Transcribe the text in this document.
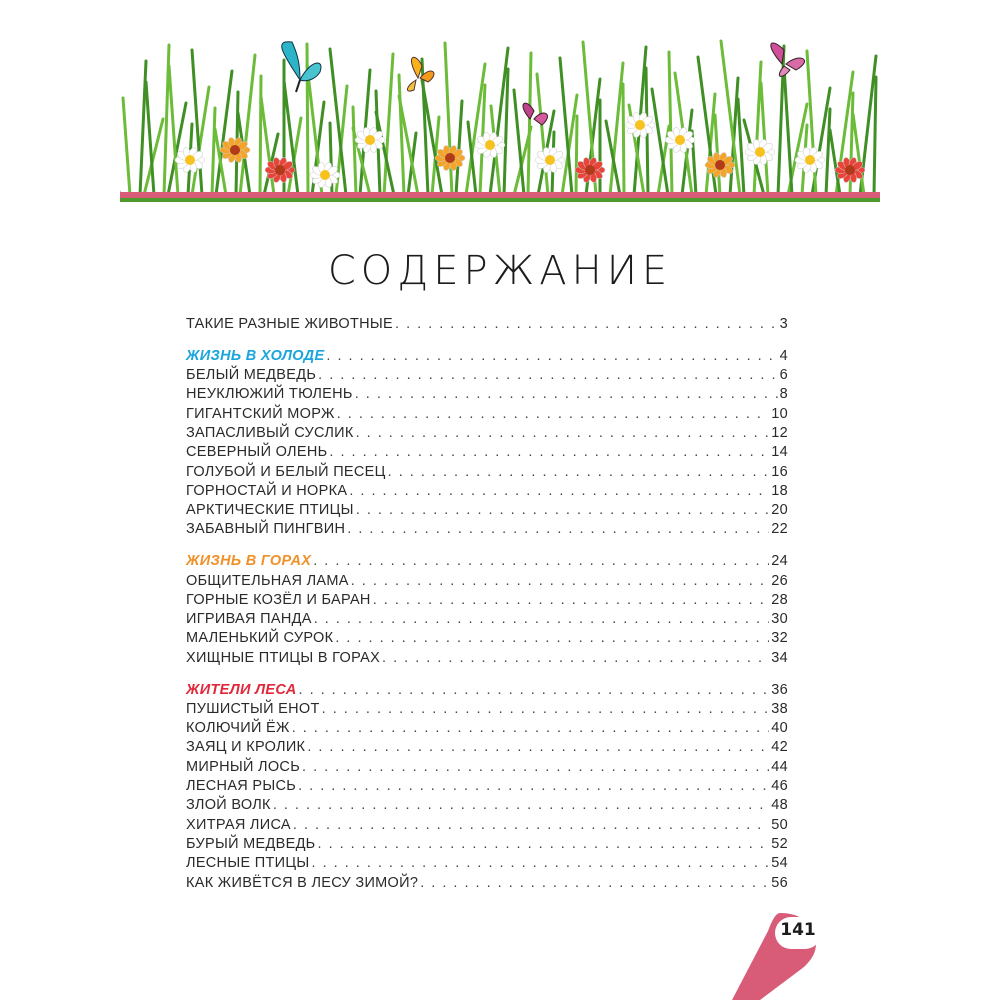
СОДЕРЖАНИЕ
ТАКИЕ РАЗНЫЕ ЖИВОТНЫЕ . . .	3
ЖИЗНЬ В ХОЛОДЕ . . .	4
БЕЛЫЙ МЕДВЕДЬ . . .	6
НЕУКЛЮЖИЙ ТЮЛЕНЬ . . .	8
ГИГАНТСКИЙ МОРЖ . . .	10
ЗАПАСЛИВЫЙ СУСЛИК . . .	12
СЕВЕРНЫЙ ОЛЕНЬ . . .	14
ГОЛУБОЙ И БЕЛЫЙ ПЕСЕЦ . . .	16
ГОРНОСТАЙ И НОРКА . . .	18
АРКТИЧЕСКИЕ ПТИЦЫ . . .	20
ЗАБАВНЫЙ ПИНГВИН . . .	22
ЖИЗНЬ В ГОРАХ . . .	24
ОБЩИТЕЛЬНАЯ ЛАМА . . .	26
ГОРНЫЕ КОЗЁЛ И БАРАН . . .	28
ИГРИВАЯ ПАНДА . . .	30
МАЛЕНЬКИЙ СУРОК . . .	32
ХИЩНЫЕ ПТИЦЫ В ГОРАХ . . .	34
ЖИТЕЛИ ЛЕСА . . .	36
ПУШИСТЫЙ ЕНОТ . . .	38
КОЛЮЧИЙ ЁЖ . . .	40
ЗАЯЦ И КРОЛИК . . .	42
МИРНЫЙ ЛОСЬ . . .	44
ЛЕСНАЯ РЫСЬ . . .	46
ЗЛОЙ ВОЛК . . .	48
ХИТРАЯ ЛИСА . . .	50
БУРЫЙ МЕДВЕДЬ . . .	52
ЛЕСНЫЕ ПТИЦЫ . . .	54
КАК ЖИВЁТСЯ В ЛЕСУ ЗИМОЙ? . . .	56
141
